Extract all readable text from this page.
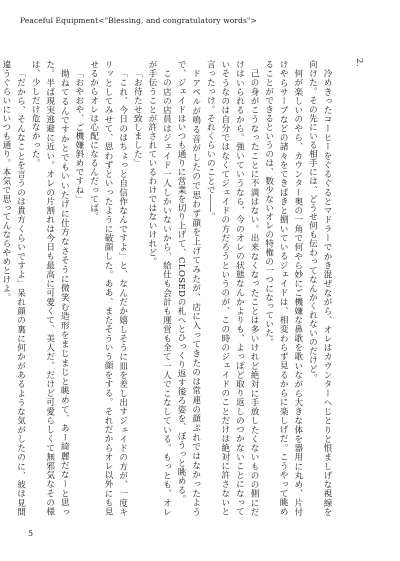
Peaceful Equipment<"Blessing, and congratulatory words">
2.

冷めきったコーヒーをぐるぐるとマドラーでかき混ぜながら、オレはカウンターへじとりと恨ましげな視線を向けた。その先にいる相手には、どうせ何も伝わってなんかくれないのだけど。

何が楽しいのやら、カウンター奥の一角で何やら妙にご機嫌な鼻歌を歌いながら大きな体を器用に丸め、片付けやらサーブなどの諸々をてきぱきと捌いているジェイドは、相変わらず見るからに楽しげだ。こうやって眺めることができるというのは、数少ないオレの特権の一つになっていた。

己の身がこうなったことに不満はない。出来なくなったことは多いけれど絶対に手放したくないものの側にだけはいられるから。強いていうなら、今のオレの状態なんかよりも、よっぽど取り返しのつかないことになっていそうなのは自分ではなくてジェイドの方だろうというのが、この時のジェイドのことだけは絶対に許さないと言ったっけ。それくらいのことで――。

ドアベルが鳴る音がしたので思わず顔を上げてみたが、店に入ってきたのは常連の顔ぶれではなかったようで、ジェイドはいつも通りに営業を切り上げて、CLOSEDの札へとひっくり返す後ろ姿を、ぼうっと眺める。

この店の店員はジェイド一人しかいないから、給仕も会計も運営も全て一人でこなしている。もっとも、オレが手伝うことが許されているわけではないけれど。

「お待たせ致しました」

「これ、今日のはちょっと自信作なんですよ」と、なんだか嬉しそうに皿を差し出すジェイドの方が、一度キリッとしてみせて、思わずといったように破顔した。ああ、またそういう顔をする。それだからオレ以外にも見せるからオレは心配になるんだってば。

「おやおや、ご機嫌斜めですね」

拗ねてるんですかとでもいいたげに仕方なさそうに微笑む造形をまじまじと眺めて、あー綺麗だなーと思った。半ば現実逃避に近い。オレの片割れは今日も最高に可愛くて、美人だ。だけど可愛らしくて無邪気なその様は、少しだけ危なかった。

「だから、そんなことを言うのは貴方くらいですよ」呆れ顔の裏に何かがあるような気がしたのに、彼は見間違うぐらいにいつも通り。本気で思ってんならやめとけよ。

5
